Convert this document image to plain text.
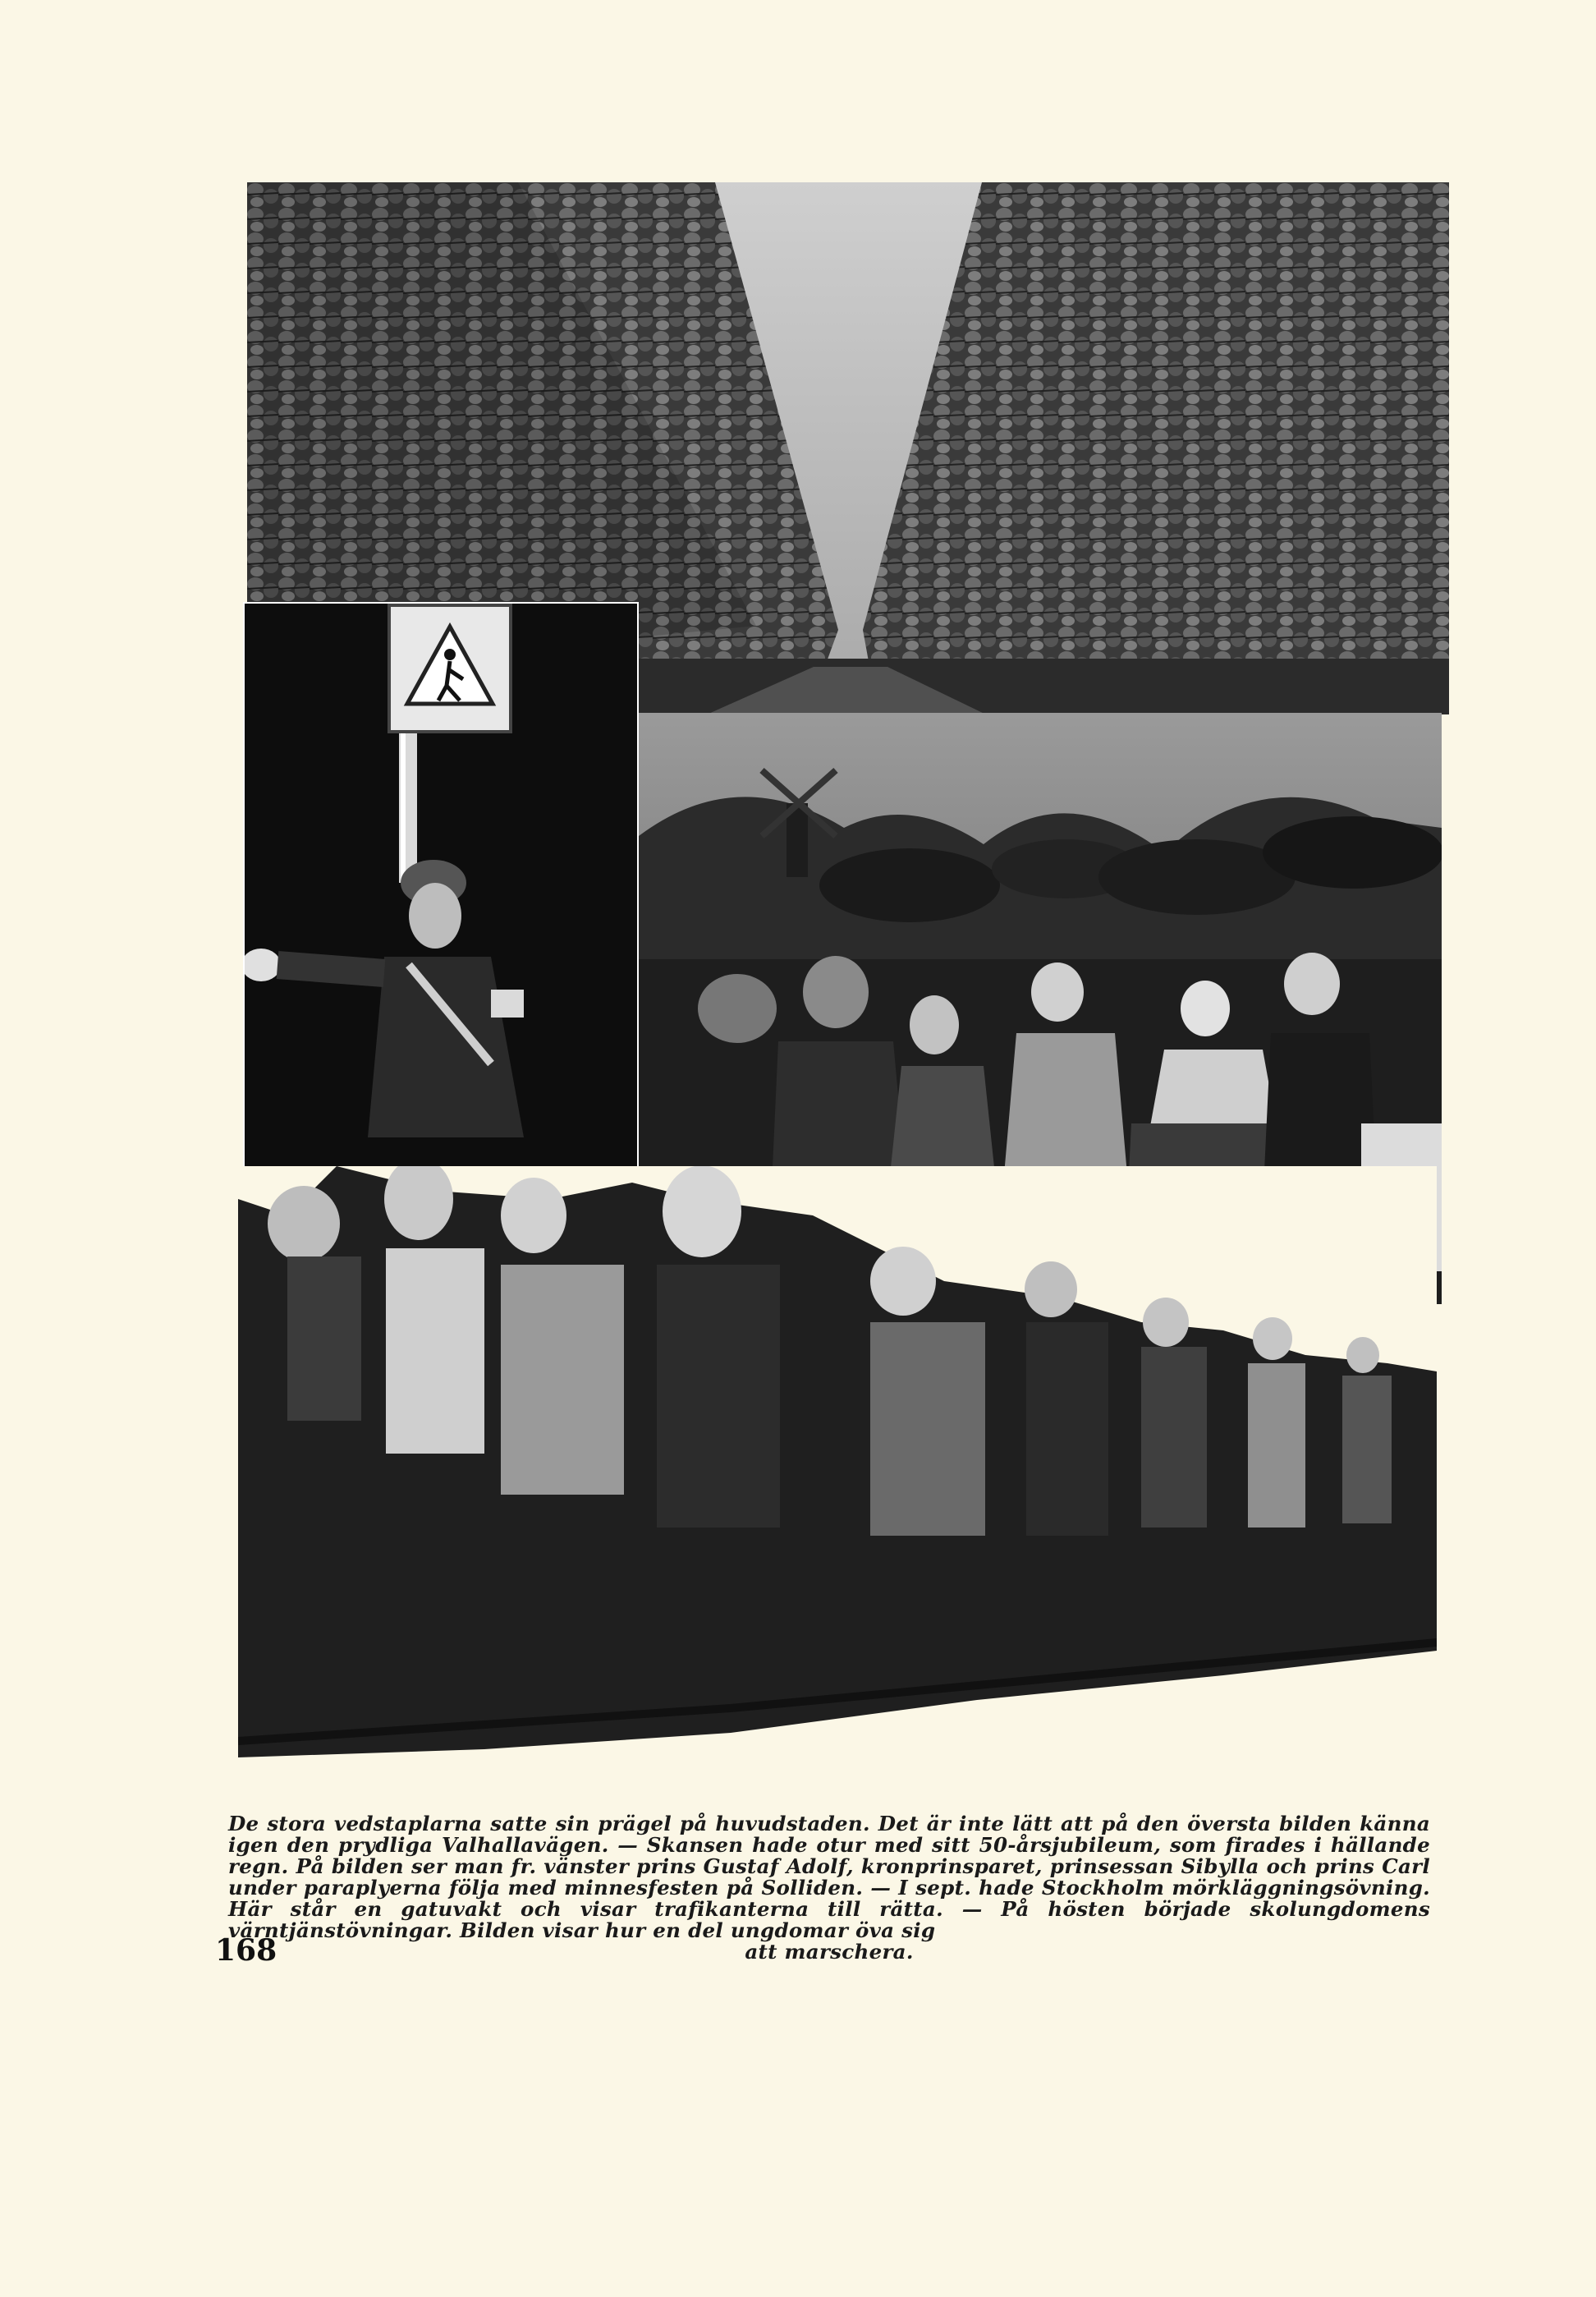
De stora vedstaplarna satte sin prägel på huvudstaden. Det är inte lätt att på den översta bilden känna igen den prydliga Valhallavägen. — Skansen hade otur med sitt 50-årsjubileum, som firades i hällande regn. På bilden ser man fr. vänster prins Gustaf Adolf, kronprinsparet, prinsessan Sibylla och prins Carl under paraplyerna följa med minnesfesten på Solliden. — I sept. hade Stockholm mörkläggningsövning. Här står en gatuvakt och visar trafikanterna till rätta. — På hösten började skolungdomens värntjänstövningar. Bilden visar hur en del ungdomar öva sig
att marschera.
168
